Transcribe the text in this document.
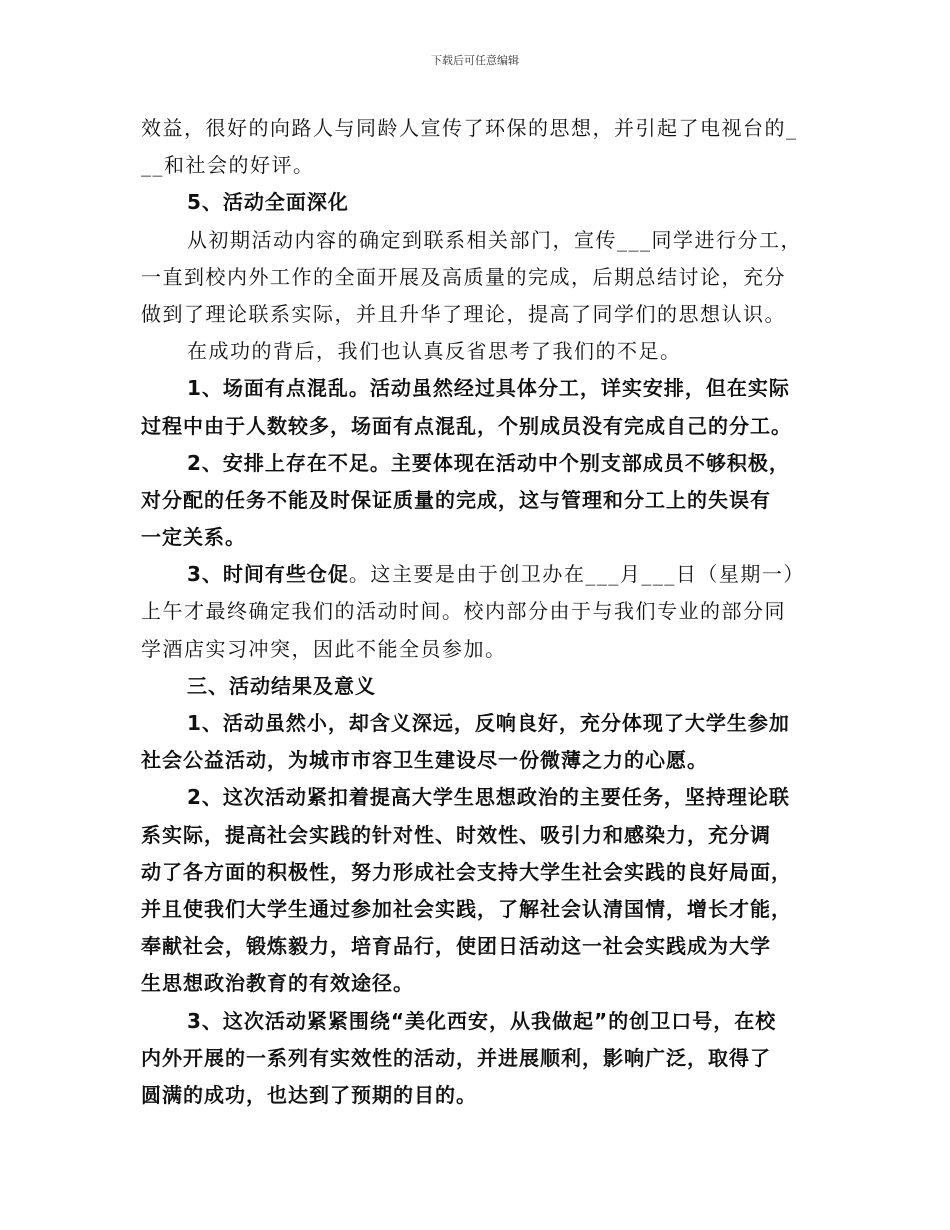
下载后可任意编辑
效益，很好的向路人与同龄人宣传了环保的思想，并引起了电视台的_
__和社会的好评。
5、活动全面深化
从初期活动内容的确定到联系相关部门，宣传___同学进行分工，
一直到校内外工作的全面开展及高质量的完成，后期总结讨论，充分
做到了理论联系实际，并且升华了理论，提高了同学们的思想认识。
在成功的背后，我们也认真反省思考了我们的不足。
1、场面有点混乱。活动虽然经过具体分工，详实安排，但在实际
过程中由于人数较多，场面有点混乱，个别成员没有完成自己的分工。
2、安排上存在不足。主要体现在活动中个别支部成员不够积极，
对分配的任务不能及时保证质量的完成，这与管理和分工上的失误有
一定关系。
3、时间有些仓促。这主要是由于创卫办在___月___日（星期一）
上午才最终确定我们的活动时间。校内部分由于与我们专业的部分同
学酒店实习冲突，因此不能全员参加。
三、活动结果及意义
1、活动虽然小，却含义深远，反响良好，充分体现了大学生参加
社会公益活动，为城市市容卫生建设尽一份微薄之力的心愿。
2、这次活动紧扣着提高大学生思想政治的主要任务，坚持理论联
系实际，提高社会实践的针对性、时效性、吸引力和感染力，充分调
动了各方面的积极性，努力形成社会支持大学生社会实践的良好局面，
并且使我们大学生通过参加社会实践，了解社会认清国情，增长才能，
奉献社会，锻炼毅力，培育品行，使团日活动这一社会实践成为大学
生思想政治教育的有效途径。
3、这次活动紧紧围绕“美化西安，从我做起”的创卫口号，在校
内外开展的一系列有实效性的活动，并进展顺利，影响广泛，取得了
圆满的成功，也达到了预期的目的。
